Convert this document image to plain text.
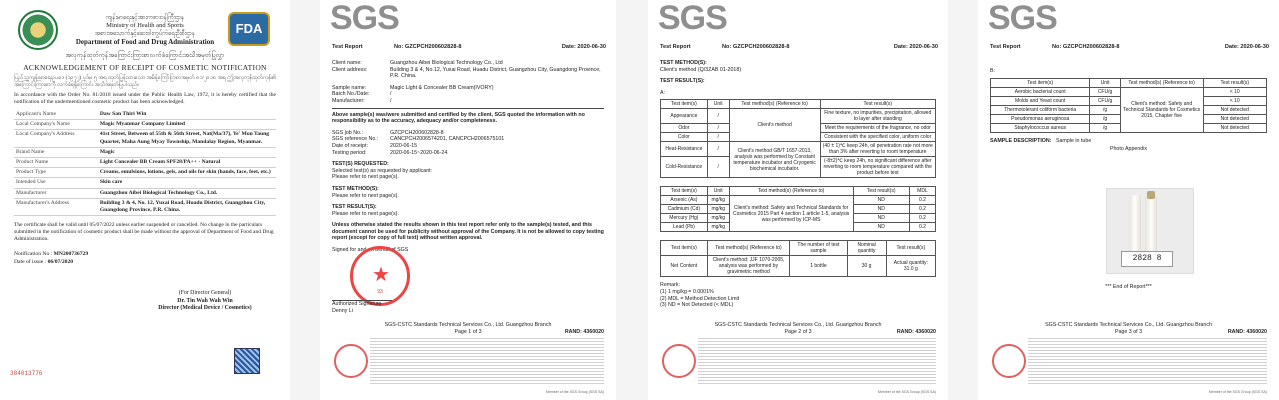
FDA
ကျန်းမာရေးနှင့်အားကစားဝန်ကြီးဌာန
Ministry of Health and Sports
အစားအသောက်နှင့်ဆေးဝါးကွပ်ကဲရေးဦးစီးဌာန
Department of Food and Drug Administration
အလှကုန်ထုတ်ကုန်အကြောင်းကြားစာလက်ခံကြောင်းအသိအမှတ်ပြုလွှာ
ACKNOWLEDGEMENT OF RECEIPT OF COSMETIC NOTIFICATION
ပြည်သူ့ကျန်းမာရေးဥပဒေ (၁၉၇၂) ပုဒ်မ ၅ အရ ထုတ်ပြန်ထားသော အမိန့်ကြော်ငြာစာအမှတ် ၈၁/၂၀၁၈ အရ ဤအလှကုန်ထုတ်ကုန်၏ အကြောင်းကြားစာကို လက်ခံရရှိကြောင်း အသိအမှတ်ပြုပါသည်။
In accordance with the Order No. 81/2018 issued under the Public Health Law, 1972, it is hereby certified that the notification of the undermentioned cosmetic product has been acknowledged.
Applicant's Name	Daw San Thiri Win
Local Company's Name	Magic Myanmar Company Limited
Local Company's Address	41st Street, Between of 55th & 56th Street, Nat(Ma/37), Ye' Mon Taung Quarter, Maha Aung Myay Township, Mandalay Region, Myanmar.
Brand Name	Magic
Product Name	Light Concealer BB Cream SPF28/PA++ - Natural
Product Type	Creams, emulsions, lotions, gels, and oils for skin (hands, face, feet, etc.)
Intended Use	Skin care
Manufacturer	Guangzhou Aibei Biological Technology Co., Ltd.
Manufacturer's Address	Building 3 & 4, No. 12, Yuxai Road, Huadu District, Guangzhou City, Guangdong Province, P.R. China.
The certificate shall be valid until 05/07/2022 unless earlier suspended or cancelled. No change in the particulars submitted in the notification of cosmetic product shall be made without the approval of Department of Food and Drug Administration.
Notification No : MN200736729
Date of issue : 06/07/2020
(For Director General)
Dr. Tin Wah Wah Win
Director (Medical Device / Cosmetics)
384013776
SGS
Test Report	No: GZCPCH200602828-8	Date: 2020-06-30
Client name:	Guangzhou Aibei Biological Technology Co., Ltd
Client address:	Building 3 & 4, No.12, Yuxai Road, Huadu District, Guangzhou City, Guangdong Province, P.R. China.
Sample name:	Magic Light & Concealer BB Cream(IVORY)
Batch No./Date:	/
Manufacturer:	/
Above sample(s) was/were submitted and certified by the client, SGS quoted the information with no responsibility as to the accuracy, adequacy and/or completeness.
SGS job No.:	GZCPCH200602828-8
SGS reference No.:	CANCPCH2006574201, CANCPCH2006575101
Date of receipt:	2020-06-15
Testing period:	2020-06-15~2020-06-24
TEST(S) REQUESTED:
Selected test(s) as requested by applicant:
Please refer to next page(s).
TEST METHOD(S):
Please refer to next page(s).
TEST RESULT(S):
Please refer to next page(s).
Unless otherwise stated the results shown in this test report refer only to the sample(s) tested, and this document cannot be used for publicity without approval of the Company. It is not be allowed to copy testing report (except for copy of full text) without written approval.
Signed for and on behalf of SGS
★
93
Authorized Signature
Denny Li
SGS-CSTC Standards Technical Services Co., Ltd. Guangzhou Branch
Page 1 of 3	RAND: 4360020
Member of the SGS Group (SGS SA)
SGS
Test Report	No: GZCPCH200602828-8	Date: 2020-06-30
TEST METHOD(S):
Client's method (Q/3ZAB 01-2018)
TEST RESULT(S):
A:
Test item(s)	Unit	Test method(s) (Reference to)	Test result(s)
Appearance	/	Client's method	Fine texture, no impurities, precipitation, allowed to layer after standing
Odor	/		Meet the requirements of the fragrance, no odor
Color	/		Consistent with the specified color, uniform color
Heat-Resistance	/	Client's method GB/T 1657-2013, analysis was performed by Constant temperature incubator and Cryogenic biochemical incubator.	(40 ± 1)℃ keep 24h, oil penetration rate not more than 3% after reverting to room temperature
Cold-Resistance	/		(-8±2)℃ keep 24h, no significant difference after reverting to room temperature compared with the product before test
Test item(s)	Unit	Test method(s) (Reference to)	Test result(s)	MDL
Arsenic (As)	mg/kg	Client's method: Safety and Technical Standards for Cosmetics 2015 Part 4 section 1 article 1-5, analysis was performed by ICP-MS	ND	0.2
Cadmium (Cd)	mg/kg		ND	0.2
Mercury (Hg)	mg/kg		ND	0.2
Lead (Pb)	mg/kg		ND	0.2
Test item(s)	Test method(s) (Reference to)	The number of test sample	Nominal quantity	Test result(s)
Net Content	Client's method: JJF 1070-2005, analysis was performed by gravimetric method	1 bottle	30 g	Actual quantity: 31.0 g
Remark:
(1) 1 mg/kg = 0.0001%
(2) MDL = Method Detection Limit
(3) ND = Not Detected (< MDL)
SGS-CSTC Standards Technical Services Co., Ltd. Guangzhou Branch
Page 2 of 3	RAND: 4360020
Member of the SGS Group (SGS SA)
SGS
Test Report	No: GZCPCH200602828-8	Date: 2020-06-30
B:
Test item(s)	Unit	Test method(s) (Reference to)	Test result(s)
Aerobic bacterial count	CFU/g	Client's method: Safety and Technical Standards for Cosmetics 2015, Chapter five	< 10
Molds and Yeast count	CFU/g		< 10
Thermotolerant coliform bacteria	/g		Not detected
Pseudomonas aeruginosa	/g		Not detected
Staphylococcus aureus	/g		Not detected
SAMPLE DESCRIPTION: Sample in tube
Photo Appendix
2828 8
*** End of Report***
SGS-CSTC Standards Technical Services Co., Ltd. Guangzhou Branch
Page 3 of 3	RAND: 4360020
Member of the SGS Group (SGS SA)
